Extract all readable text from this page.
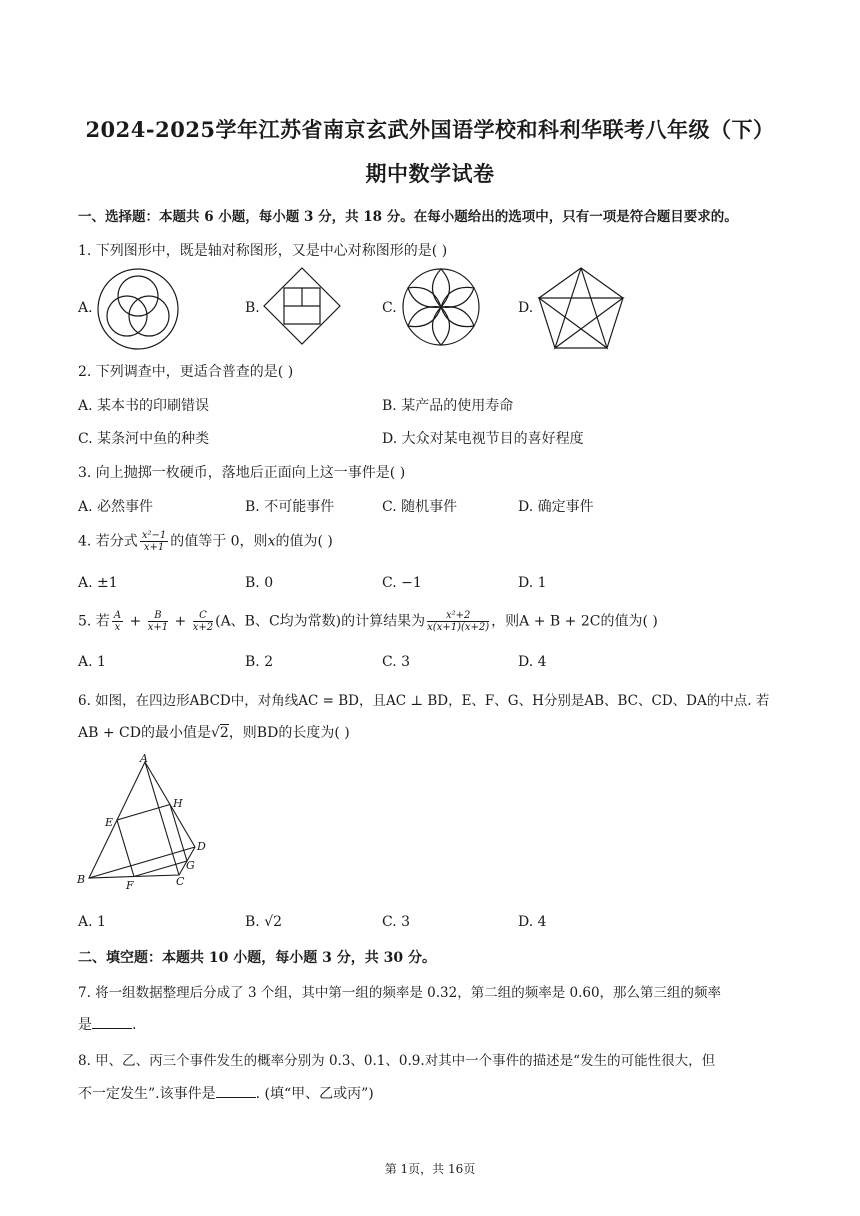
2024-2025学年江苏省南京玄武外国语学校和科利华联考八年级（下）
期中数学试卷
一、选择题：本题共 6 小题，每小题 3 分，共 18 分。在每小题给出的选项中，只有一项是符合题目要求的。
1. 下列图形中，既是轴对称图形，又是中心对称图形的是( )
A.	B.	C.	D.
2. 下列调查中，更适合普查的是( )
A. 某本书的印刷错误	B. 某产品的使用寿命
C. 某条河中鱼的种类	D. 大众对某电视节目的喜好程度
3. 向上抛掷一枚硬币，落地后正面向上这一事件是( )
A. 必然事件	B. 不可能事件	C. 随机事件	D. 确定事件
4. 若分式 $\frac{\text{x²−1}}{x+1}$ 的值等于 0，则x的值为( )
A. ±1	B. 0	C. −1	D. 1
5. 若 $\frac{A}{x} + \frac{B}{x+1} + \frac{C}{x+2} (A$、B、C均为常数)的计算结果为 $\frac{\text{x²+2}}{x(x+1)(x+2)}$ ，则A + B + 2C的值为( )
A. 1	B. 2	C. 3	D. 4
6. 如图，在四边形ABCD中，对角线AC = BD，且AC ⊥ BD，E、F、G、H分别是AB、BC、CD、DA的中点. 若
AB + CD的最小值是√2，则BD的长度为( )
A
H
E
D
G
B	F	C
A. 1	B. √2	C. 3	D. 4
二、填空题：本题共 10 小题，每小题 3 分，共 30 分。
7. 将一组数据整理后分成了 3 个组，其中第一组的频率是 0.32，第二组的频率是 0.60，那么第三组的频率
是	.
8. 甲、乙、丙三个事件发生的概率分别为 0.3、0.1、0.9.对其中一个事件的描述是“发生的可能性很大，但
不一定发生”.该事件是	. (填“甲、乙或丙”)
第 1页，共 16页
